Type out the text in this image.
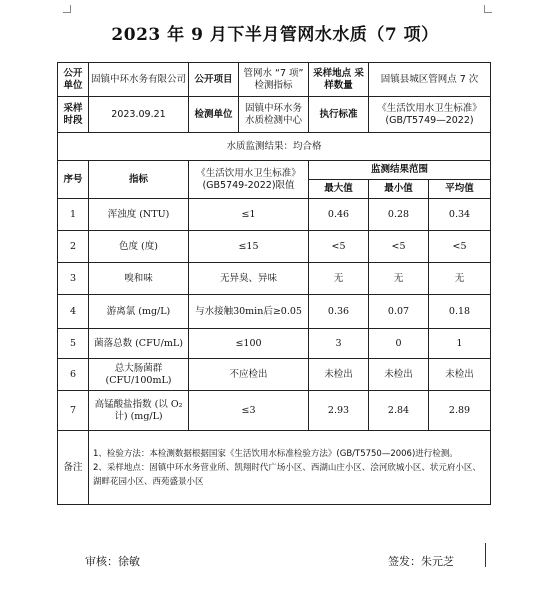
2023 年 9 月下半月管网水水质（7 项）
公开单位	固镇中环水务有限公司	公开项目	管网水 “7 项” 检测指标	采样地点 采样数量	固镇县城区管网点 7 次	
采样时段	2023.09.21	检测单位	固镇中环水务 水质检测中心	执行标准	《生活饮用水卫生标准》 (GB/T5749—2022)	
水质监测结果：均合格						
序号	指标	《生活饮用水卫生标准》 (GB5749-2022)限值		监测结果范围		
				最大值	最小值	平均值
1	浑浊度 (NTU)	≤1		0.46	0.28	0.34
2	色度 (度)	≤15		<5	<5	<5
3	嗅和味	无异臭、异味		无	无	无
4	游离氯 (mg/L)	与水接触30min后≥0.05		0.36	0.07	0.18
5	菌落总数 (CFU/mL)	≤100		3	0	1
6	总大肠菌群 (CFU/100mL)	不应检出		未检出	未检出	未检出
7	高锰酸盐指数 (以 O₂计) (mg/L)	≤3		2.93	2.84	2.89
备注	1、检验方法：本检测数据根据国家《生活饮用水标准检验方法》(GB/T5750—2006)进行检测。
2、采样地点：固镇中环水务营业所、凯翔时代广场小区、西湖山庄小区、浍河欣城小区、状元府小区、湖畔花园小区、西苑盛景小区					
审核：徐敏	签发：朱元芝
